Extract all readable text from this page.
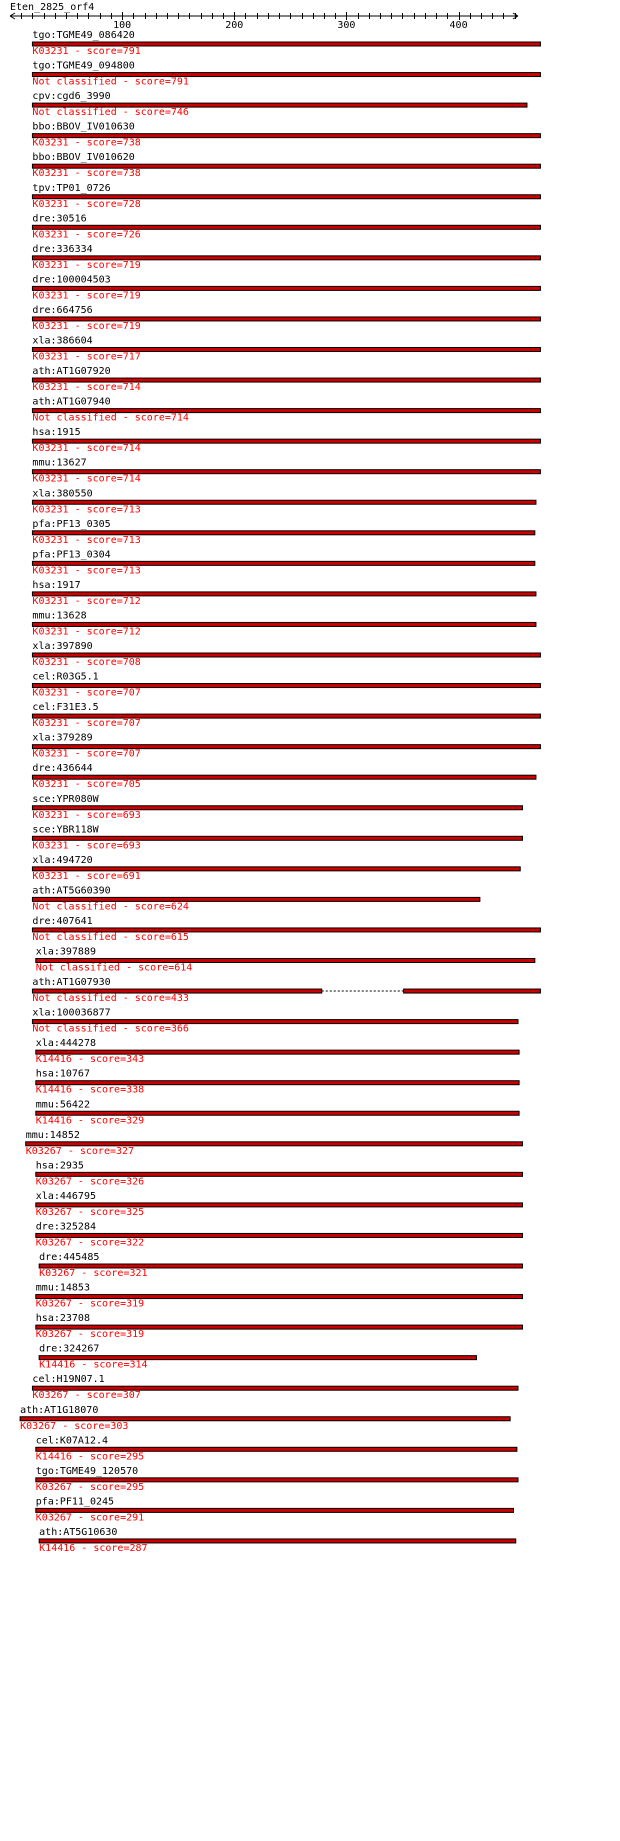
Eten_2825_orf4
100	200	300	400
tgo:TGME49_086420
K03231 - score=791
tgo:TGME49_094800
Not classified - score=791
cpv:cgd6_3990
Not classified - score=746
bbo:BBOV_IV010630
K03231 - score=738
bbo:BBOV_IV010620
K03231 - score=738
tpv:TP01_0726
K03231 - score=728
dre:30516
K03231 - score=726
dre:336334
K03231 - score=719
dre:100004503
K03231 - score=719
dre:664756
K03231 - score=719
xla:386604
K03231 - score=717
ath:AT1G07920
K03231 - score=714
ath:AT1G07940
Not classified - score=714
hsa:1915
K03231 - score=714
mmu:13627
K03231 - score=714
xla:380550
K03231 - score=713
pfa:PF13_0305
K03231 - score=713
pfa:PF13_0304
K03231 - score=713
hsa:1917
K03231 - score=712
mmu:13628
K03231 - score=712
xla:397890
K03231 - score=708
cel:R03G5.1
K03231 - score=707
cel:F31E3.5
K03231 - score=707
xla:379289
K03231 - score=707
dre:436644
K03231 - score=705
sce:YPR080W
K03231 - score=693
sce:YBR118W
K03231 - score=693
xla:494720
K03231 - score=691
ath:AT5G60390
Not classified - score=624
dre:407641
Not classified - score=615
xla:397889
Not classified - score=614
ath:AT1G07930
Not classified - score=433
xla:100036877
Not classified - score=366
xla:444278
K14416 - score=343
hsa:10767
K14416 - score=338
mmu:56422
K14416 - score=329
mmu:14852
K03267 - score=327
hsa:2935
K03267 - score=326
xla:446795
K03267 - score=325
dre:325284
K03267 - score=322
dre:445485
K03267 - score=321
mmu:14853
K03267 - score=319
hsa:23708
K03267 - score=319
dre:324267
K14416 - score=314
cel:H19N07.1
K03267 - score=307
ath:AT1G18070
K03267 - score=303
cel:K07A12.4
K14416 - score=295
tgo:TGME49_120570
K03267 - score=295
pfa:PF11_0245
K03267 - score=291
ath:AT5G10630
K14416 - score=287
